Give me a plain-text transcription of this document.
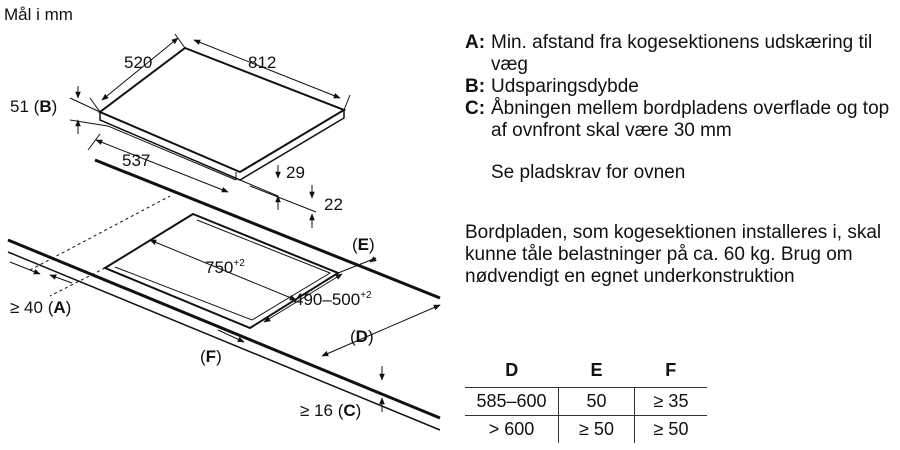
Mål i mm
520	812
51 (B)
537
29
22
(E)
$750^{+2}$
$490-500^{+2}$
(D)
≥ 40 (A)
(F)
≥ 16 (C)
A: Min. afstand fra kogesektionens udskæring til væg
B: Udsparingsdybde
C: Åbningen mellem bordpladens overflade og top af ovnfront skal være 30 mm
Se pladskrav for ovnen
Bordpladen, som kogesektionen installeres i, skal kunne tåle belastninger på ca. 60 kg. Brug om nødvendigt en egnet underkonstruktion
D	E	F
585–600	50	≥ 35
> 600	≥ 50	≥ 50
